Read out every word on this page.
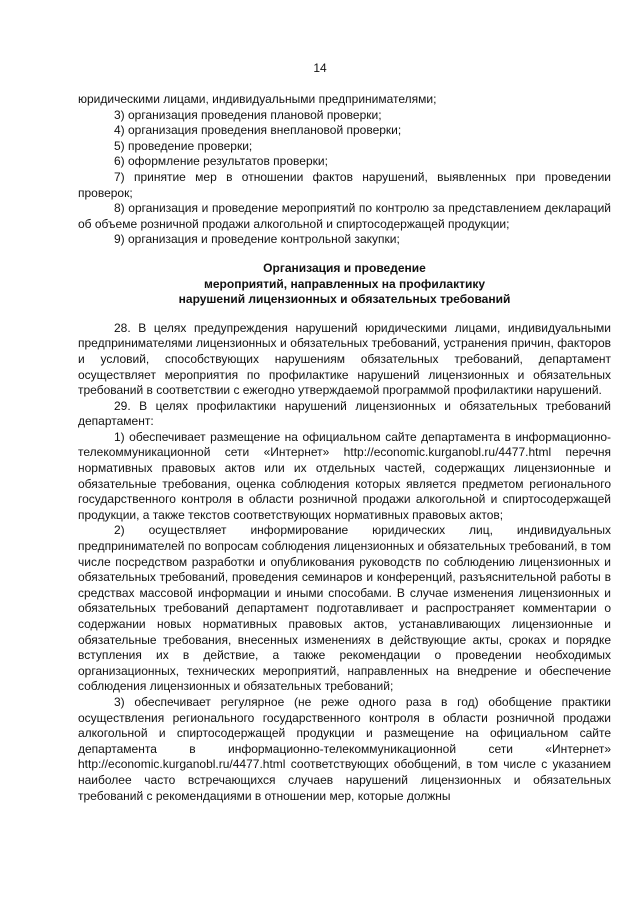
14

юридическими лицами, индивидуальными предпринимателями;

3) организация проведения плановой проверки;

4) организация проведения внеплановой проверки;

5) проведение проверки;

6) оформление результатов проверки;

7) принятие мер в отношении фактов нарушений, выявленных при проведении проверок;

8) организация и проведение мероприятий по контролю за представлением деклараций об объеме розничной продажи алкогольной и спиртосодержащей продукции;

9) организация и проведение контрольной закупки;

Организация и проведение

мероприятий, направленных на профилактику

нарушений лицензионных и обязательных требований

28. В целях предупреждения нарушений юридическими лицами, индивидуальными предпринимателями лицензионных и обязательных требований, устранения причин, факторов и условий, способствующих нарушениям обязательных требований, департамент осуществляет мероприятия по профилактике нарушений лицензионных и обязательных требований в соответствии с ежегодно утверждаемой программой профилактики нарушений.

29. В целях профилактики нарушений лицензионных и обязательных требований департамент:

1) обеспечивает размещение на официальном сайте департамента в информационно-телекоммуникационной сети «Интернет» http://economic.kurganobl.ru/4477.html перечня нормативных правовых актов или их отдельных частей, содержащих лицензионные и обязательные требования, оценка соблюдения которых является предметом регионального государственного контроля в области розничной продажи алкогольной и спиртосодержащей продукции, а также текстов соответствующих нормативных правовых актов;

2) осуществляет информирование юридических лиц, индивидуальных предпринимателей по вопросам соблюдения лицензионных и обязательных требований, в том числе посредством разработки и опубликования руководств по соблюдению лицензионных и обязательных требований, проведения семинаров и конференций, разъяснительной работы в средствах массовой информации и иными способами. В случае изменения лицензионных и обязательных требований департамент подготавливает и распространяет комментарии о содержании новых нормативных правовых актов, устанавливающих лицензионные и обязательные требования, внесенных изменениях в действующие акты, сроках и порядке вступления их в действие, а также рекомендации о проведении необходимых организационных, технических мероприятий, направленных на внедрение и обеспечение соблюдения лицензионных и обязательных требований;

3) обеспечивает регулярное (не реже одного раза в год) обобщение практики осуществления регионального государственного контроля в области розничной продажи алкогольной и спиртосодержащей продукции и размещение на официальном сайте департамента в информационно-телекоммуникационной сети «Интернет» http://economic.kurganobl.ru/4477.html соответствующих обобщений, в том числе с указанием наиболее часто встречающихся случаев нарушений лицензионных и обязательных требований с рекомендациями в отношении мер, которые должны
